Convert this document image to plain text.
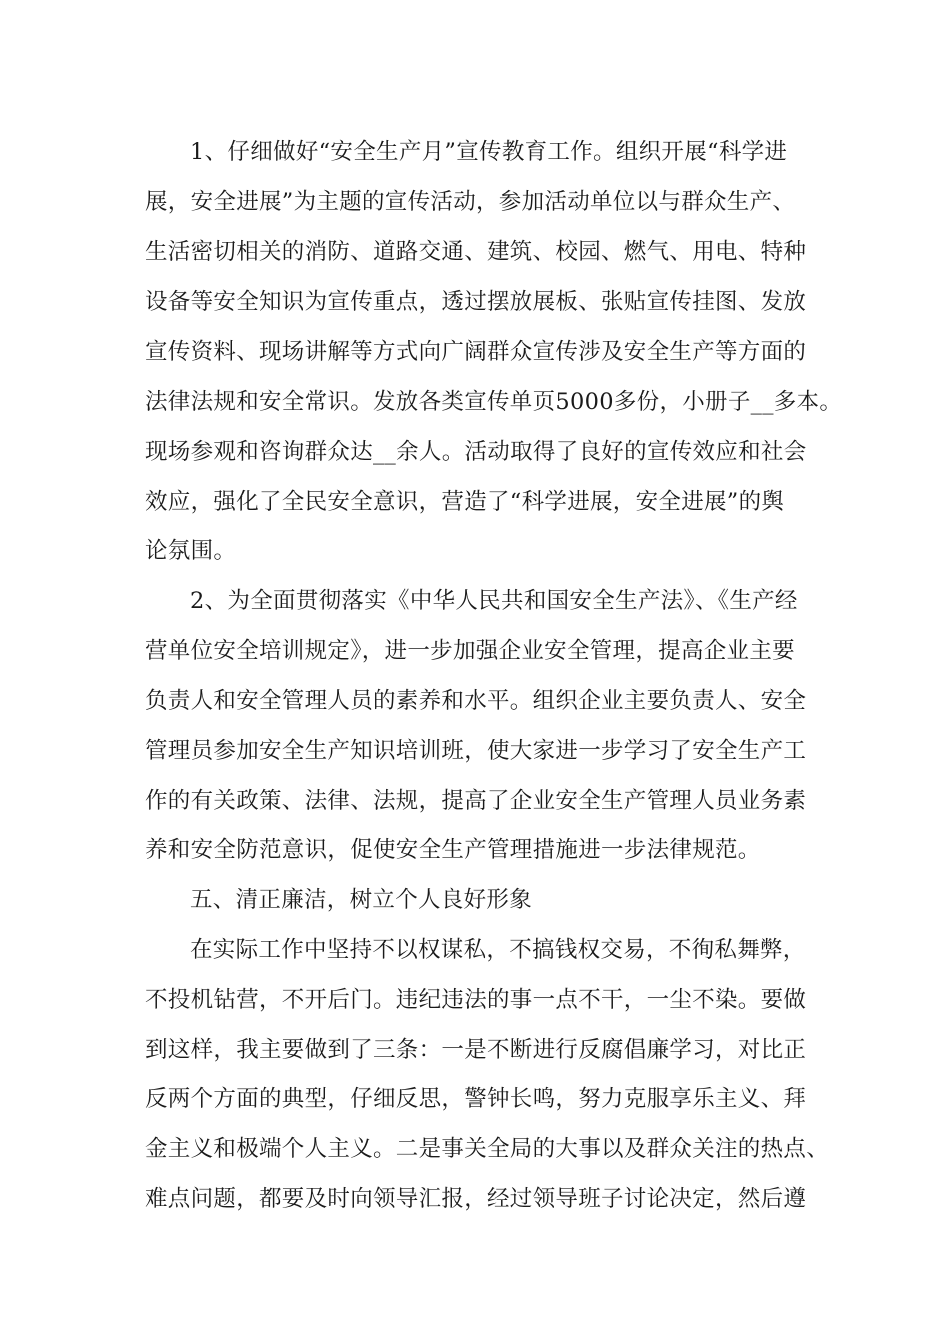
1、仔细做好“安全生产月”宣传教育工作。组织开展“科学进
展，安全进展”为主题的宣传活动，参加活动单位以与群众生产、
生活密切相关的消防、道路交通、建筑、校园、燃气、用电、特种
设备等安全知识为宣传重点，透过摆放展板、张贴宣传挂图、发放
宣传资料、现场讲解等方式向广阔群众宣传涉及安全生产等方面的
法律法规和安全常识。发放各类宣传单页5000多份，小册子__多本。
现场参观和咨询群众达__余人。活动取得了良好的宣传效应和社会
效应，强化了全民安全意识，营造了“科学进展，安全进展”的舆
论氛围。
2、为全面贯彻落实《中华人民共和国安全生产法》、《生产经
营单位安全培训规定》，进一步加强企业安全管理，提高企业主要
负责人和安全管理人员的素养和水平。组织企业主要负责人、安全
管理员参加安全生产知识培训班，使大家进一步学习了安全生产工
作的有关政策、法律、法规，提高了企业安全生产管理人员业务素
养和安全防范意识，促使安全生产管理措施进一步法律规范。
五、清正廉洁，树立个人良好形象
在实际工作中坚持不以权谋私，不搞钱权交易，不徇私舞弊，
不投机钻营，不开后门。违纪违法的事一点不干，一尘不染。要做
到这样，我主要做到了三条：一是不断进行反腐倡廉学习，对比正
反两个方面的典型，仔细反思，警钟长鸣，努力克服享乐主义、拜
金主义和极端个人主义。二是事关全局的大事以及群众关注的热点、
难点问题，都要及时向领导汇报，经过领导班子讨论决定，然后遵
